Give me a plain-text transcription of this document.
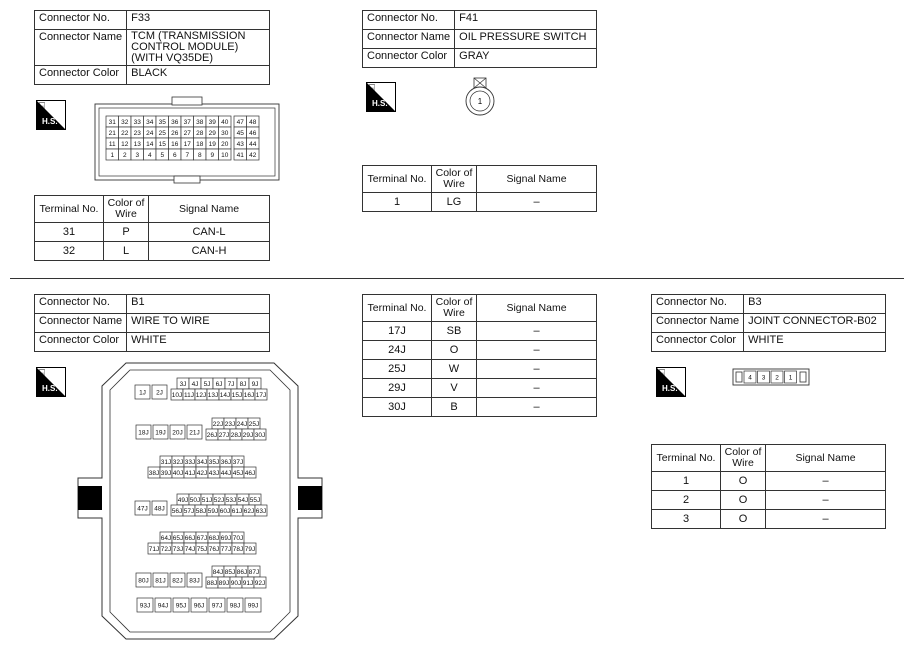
Connector No.	F33
Connector Name	TCM (TRANSMISSION
CONTROL MODULE)
(WITH VQ35DE)

Connector Color	BLACK
⌸
H.S.	31 32 33 34 35 36 37 38 39 40 47 48
21 22 23 24 25 26 27 28 29 30 45 46
11 12 13 14 15 16 17 18 19 20 43 44
1 2 3 4 5 6 7 8 9 10 41 42
Terminal No.	Color of Wire	Signal Name
31	P	CAN-L
32	L	CAN-H
Connector No.	F41
Connector Name	OIL PRESSURE SWITCH
Connector Color	GRAY
⌸
H.S.	1
Terminal No.	Color of Wire	Signal Name
1	LG	–
Connector No.	B1
Connector Name	WIRE TO WIRE
Connector Color	WHITE
⌸
H.S.	1J 2J
3J 4J 5J 6J 7J 8J 9J
10J 11J 12J 13J 14J 15J 16J 17J
18J 19J 20J 21J
22J 23J 24J 25J
26J 27J 28J 29J 30J
31J 32J 33J 34J 35J 36J 37J
38J 39J 40J 41J 42J 43J 44J 45J 46J
47J 48J
49J 50J 51J 52J 53J 54J 55J
56J 57J 58J 59J 60J 61J 62J 63J
64J 65J 66J 67J 68J 69J 70J
71J 72J 73J 74J 75J 76J 77J 78J 79J
80J 81J 82J 83J
84J 85J 86J 87J
88J 89J 90J 91J 92J
93J 94J 95J 96J 97J 98J 99J
Terminal No.	Color of Wire	Signal Name
17J	SB	–
24J	O	–
25J	W	–
29J	V	–
30J	B	–
Connector No.	B3
Connector Name	JOINT CONNECTOR-B02
Connector Color	WHITE
⌸
H.S.
4 3 2 1
Terminal No.	Color of Wire	Signal Name
1	O	–
2	O	–
3	O	–
